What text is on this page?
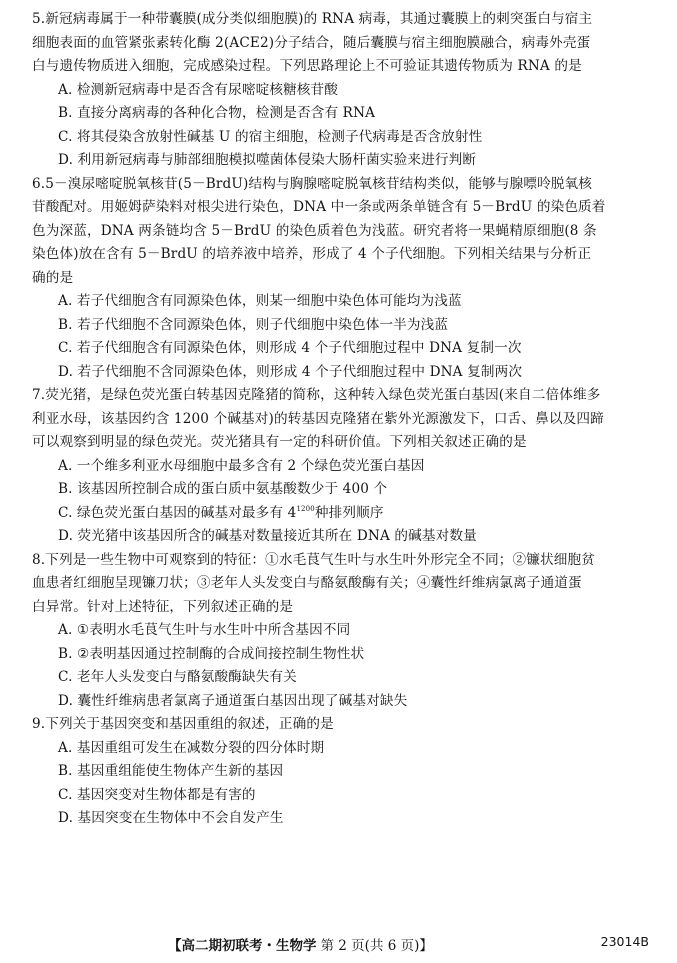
5.新冠病毒属于一种带囊膜(成分类似细胞膜)的 RNA 病毒，其通过囊膜上的刺突蛋白与宿主
细胞表面的血管紧张素转化酶 2(ACE2)分子结合，随后囊膜与宿主细胞膜融合，病毒外壳蛋
白与遗传物质进入细胞，完成感染过程。下列思路理论上不可验证其遗传物质为 RNA 的是
A. 检测新冠病毒中是否含有尿嘧啶核糖核苷酸
B. 直接分离病毒的各种化合物，检测是否含有 RNA
C. 将其侵染含放射性碱基 U 的宿主细胞，检测子代病毒是否含放射性
D. 利用新冠病毒与肺部细胞模拟噬菌体侵染大肠杆菌实验来进行判断
6.5－溴尿嘧啶脱氧核苷(5－BrdU)结构与胸腺嘧啶脱氧核苷结构类似，能够与腺嘌呤脱氧核
苷酸配对。用姬姆萨染料对根尖进行染色，DNA 中一条或两条单链含有 5－BrdU 的染色质着
色为深蓝，DNA 两条链均含 5－BrdU 的染色质着色为浅蓝。研究者将一果蝇精原细胞(8 条
染色体)放在含有 5－BrdU 的培养液中培养，形成了 4 个子代细胞。下列相关结果与分析正
确的是
A. 若子代细胞含有同源染色体，则某一细胞中染色体可能均为浅蓝
B. 若子代细胞不含同源染色体，则子代细胞中染色体一半为浅蓝
C. 若子代细胞含有同源染色体，则形成 4 个子代细胞过程中 DNA 复制一次
D. 若子代细胞不含同源染色体，则形成 4 个子代细胞过程中 DNA 复制两次
7.荧光猪，是绿色荧光蛋白转基因克隆猪的简称，这种转入绿色荧光蛋白基因(来自二倍体维多
利亚水母，该基因约含 1200 个碱基对)的转基因克隆猪在紫外光源激发下，口舌、鼻以及四蹄
可以观察到明显的绿色荧光。荧光猪具有一定的科研价值。下列相关叙述正确的是
A. 一个维多利亚水母细胞中最多含有 2 个绿色荧光蛋白基因
B. 该基因所控制合成的蛋白质中氨基酸数少于 400 个
C. 绿色荧光蛋白基因的碱基对最多有 $4^{1200}$种排列顺序
D. 荧光猪中该基因所含的碱基对数量接近其所在 DNA 的碱基对数量
8.下列是一些生物中可观察到的特征：①水毛茛气生叶与水生叶外形完全不同；②镰状细胞贫
血患者红细胞呈现镰刀状；③老年人头发变白与酪氨酸酶有关；④囊性纤维病氯离子通道蛋
白异常。针对上述特征，下列叙述正确的是
A. ①表明水毛茛气生叶与水生叶中所含基因不同
B. ②表明基因通过控制酶的合成间接控制生物性状
C. 老年人头发变白与酪氨酸酶缺失有关
D. 囊性纤维病患者氯离子通道蛋白基因出现了碱基对缺失
9.下列关于基因突变和基因重组的叙述，正确的是
A. 基因重组可发生在减数分裂的四分体时期
B. 基因重组能使生物体产生新的基因
C. 基因突变对生物体都是有害的
D. 基因突变在生物体中不会自发产生
【高二期初联考・生物学 第 2 页(共 6 页)】	23014B
